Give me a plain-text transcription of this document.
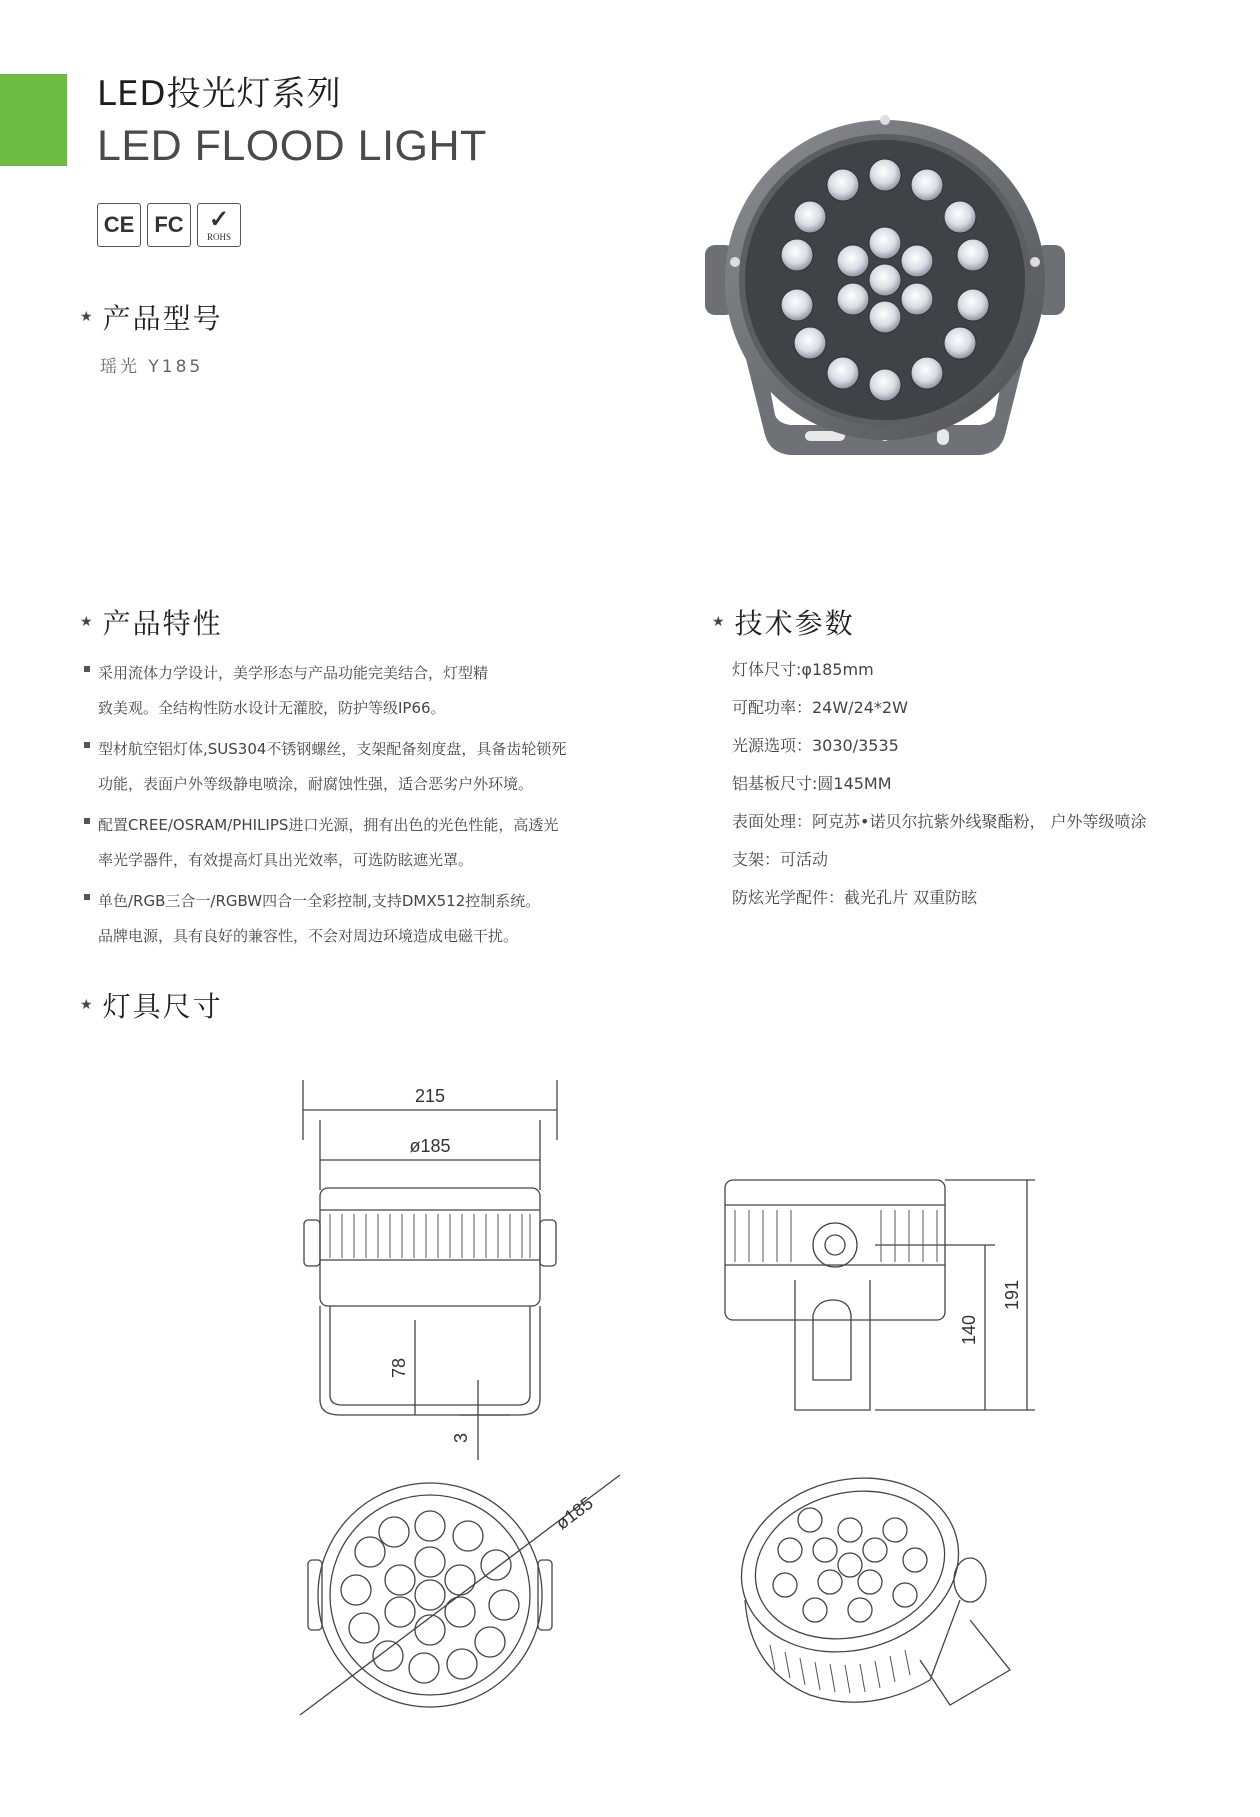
LED投光灯系列
LED FLOOD LIGHT
CE FC ✓
ROHS
★ 产品型号
瑶光 Y185
★ 产品特性
采用流体力学设计，美学形态与产品功能完美结合，灯型精
致美观。全结构性防水设计无灌胶，防护等级IP66。
型材航空铝灯体,SUS304不锈钢螺丝，支架配备刻度盘，具备齿轮锁死
功能，表面户外等级静电喷涂，耐腐蚀性强，适合恶劣户外环境。
配置CREE/OSRAM/PHILIPS进口光源，拥有出色的光色性能，高透光
率光学器件，有效提高灯具出光效率，可选防眩遮光罩。
单色/RGB三合一/RGBW四合一全彩控制,支持DMX512控制系统。
品牌电源，具有良好的兼容性，不会对周边环境造成电磁干扰。
★ 技术参数
灯体尺寸:φ185mm
可配功率：24W/24*2W
光源选项：3030/3535
铝基板尺寸:圆145MM
表面处理：阿克苏•诺贝尔抗紫外线聚酯粉， 户外等级喷涂
支架：可活动
防炫光学配件：截光孔片 双重防眩
★ 灯具尺寸
215
ø185
78
3
140
191
ø185
